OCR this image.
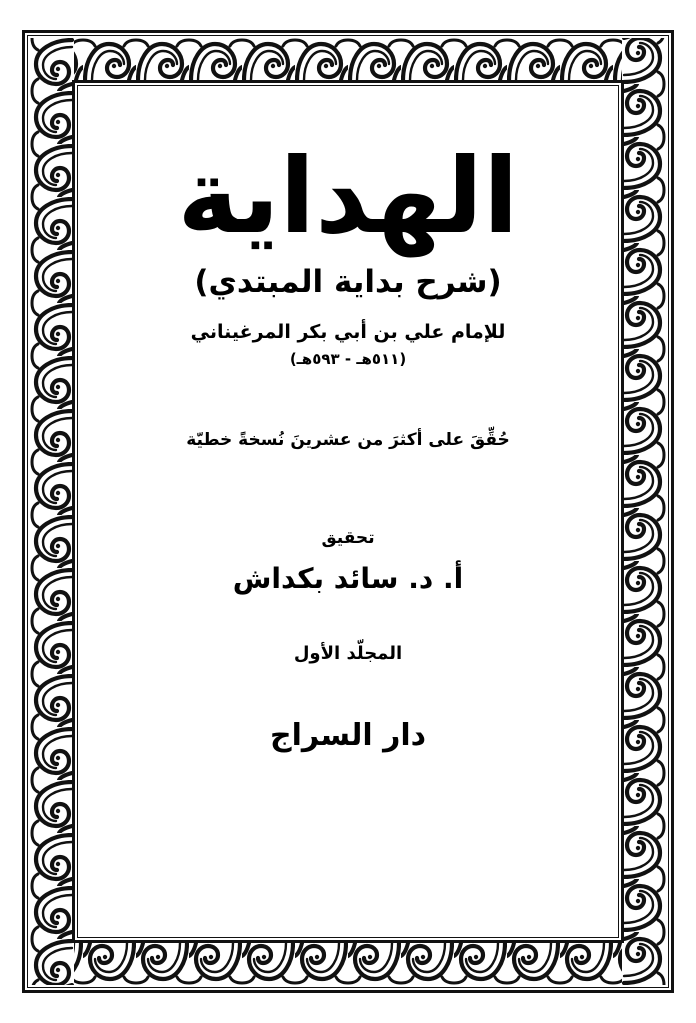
الهداية
(شرح بداية المبتدي)
للإمام علي بن أبي بكر المرغيناني
(٥١١هـ - ٥٩٣هـ)
حُقِّقَ على أكثرَ من عشرينَ نُسخةً خطيّة
تحقيق
أ. د. سائد بكداش
المجلّد الأول
دار السراج
